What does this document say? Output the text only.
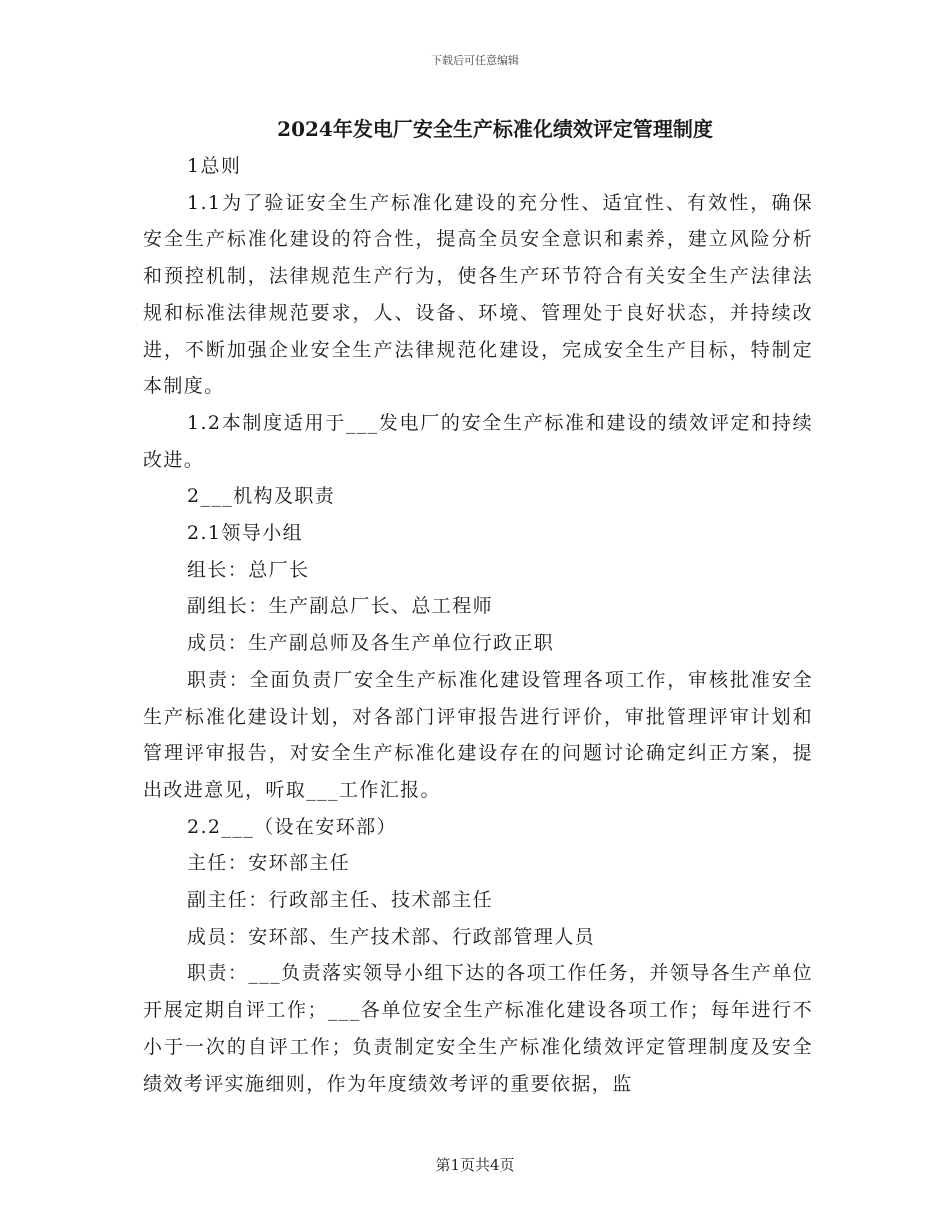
下载后可任意编辑
2024年发电厂安全生产标准化绩效评定管理制度

1总则

1.1为了验证安全生产标准化建设的充分性、适宜性、有效性，确保安全生产标准化建设的符合性，提高全员安全意识和素养，建立风险分析和预控机制，法律规范生产行为，使各生产环节符合有关安全生产法律法规和标准法律规范要求，人、设备、环境、管理处于良好状态，并持续改进，不断加强企业安全生产法律规范化建设，完成安全生产目标，特制定本制度。

1.2本制度适用于___发电厂的安全生产标准和建设的绩效评定和持续改进。

2___机构及职责

2.1领导小组

组长：总厂长

副组长：生产副总厂长、总工程师

成员：生产副总师及各生产单位行政正职

职责：全面负责厂安全生产标准化建设管理各项工作，审核批准安全生产标准化建设计划，对各部门评审报告进行评价，审批管理评审计划和管理评审报告，对安全生产标准化建设存在的问题讨论确定纠正方案，提出改进意见，听取___工作汇报。

2.2___（设在安环部）

主任：安环部主任

副主任：行政部主任、技术部主任

成员：安环部、生产技术部、行政部管理人员

职责：___负责落实领导小组下达的各项工作任务，并领导各生产单位开展定期自评工作；___各单位安全生产标准化建设各项工作；每年进行不小于一次的自评工作；负责制定安全生产标准化绩效评定管理制度及安全绩效考评实施细则，作为年度绩效考评的重要依据，监

第1页共4页
